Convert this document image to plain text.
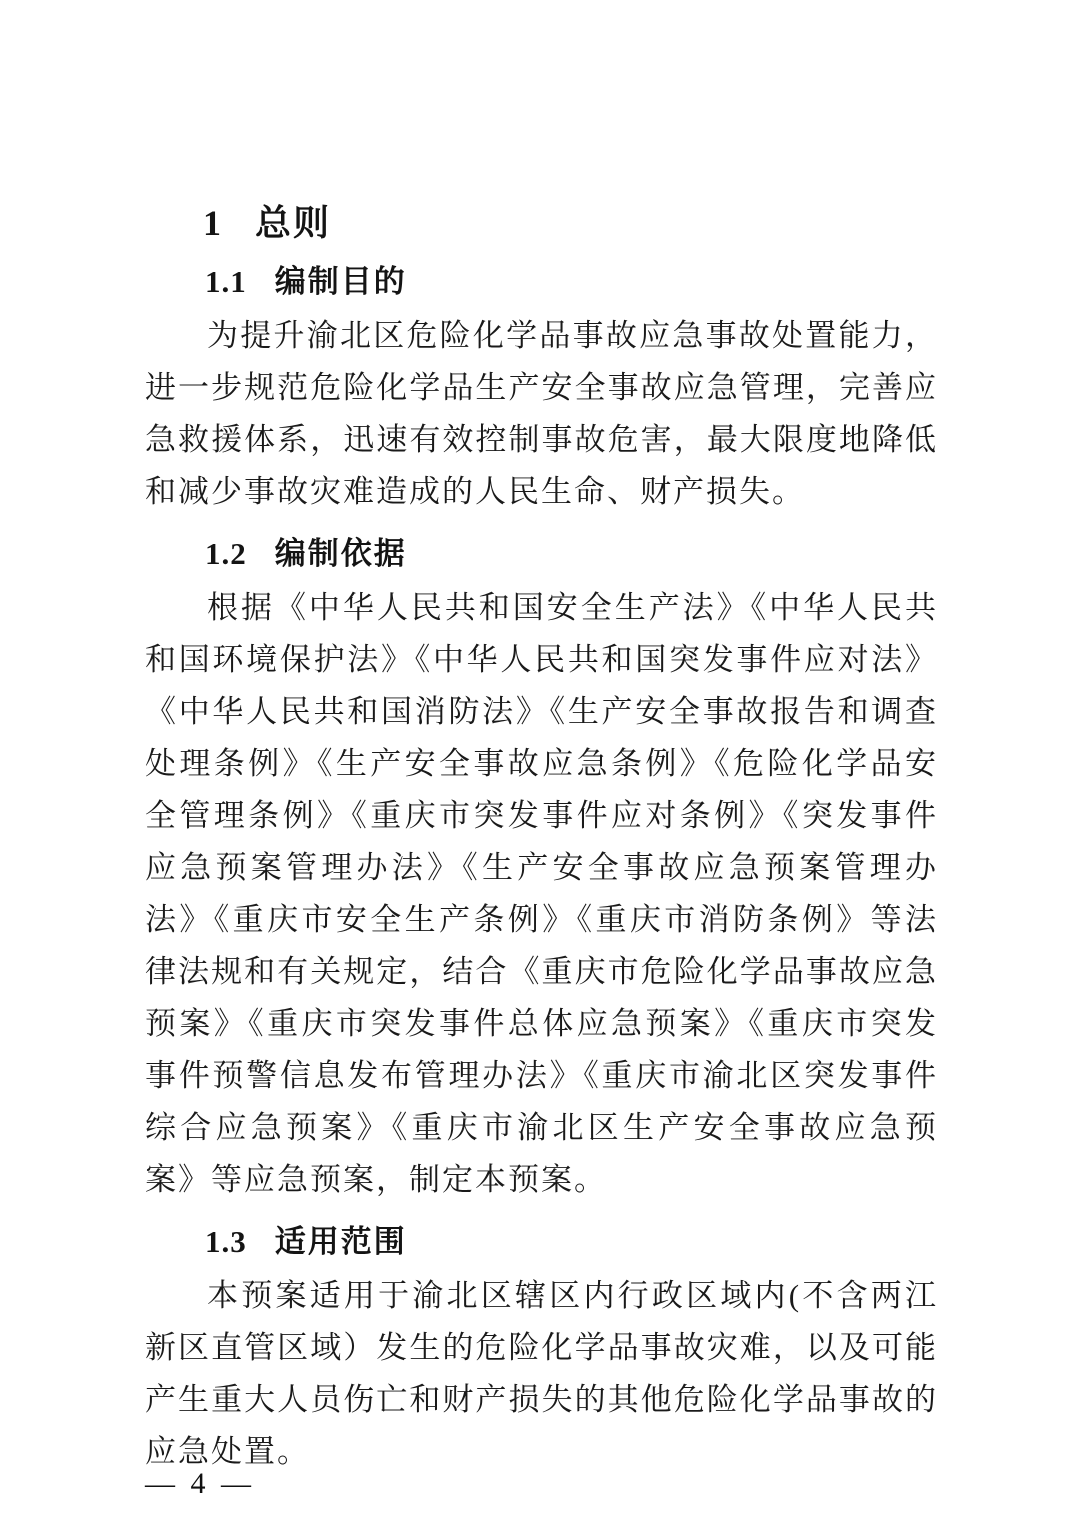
1 总则
1.1 编制目的

为提升渝北区危险化学品事故应急事故处置能力，进一步规范危险化学品生产安全事故应急管理，完善应急救援体系，迅速有效控制事故危害，最大限度地降低和减少事故灾难造成的人民生命、财产损失。

1.2 编制依据

根据《中华人民共和国安全生产法》《中华人民共和国环境保护法》《中华人民共和国突发事件应对法》《中华人民共和国消防法》《生产安全事故报告和调查处理条例》《生产安全事故应急条例》《危险化学品安全管理条例》《重庆市突发事件应对条例》《突发事件应急预案管理办法》《生产安全事故应急预案管理办法》《重庆市安全生产条例》《重庆市消防条例》等法律法规和有关规定，结合《重庆市危险化学品事故应急预案》《重庆市突发事件总体应急预案》《重庆市突发事件预警信息发布管理办法》《重庆市渝北区突发事件综合应急预案》《重庆市渝北区生产安全事故应急预案》等应急预案，制定本预案。

1.3 适用范围

本预案适用于渝北区辖区内行政区域内(不含两江新区直管区域）发生的危险化学品事故灾难，以及可能产生重大人员伤亡和财产损失的其他危险化学品事故的应急处置。

— 4 —
